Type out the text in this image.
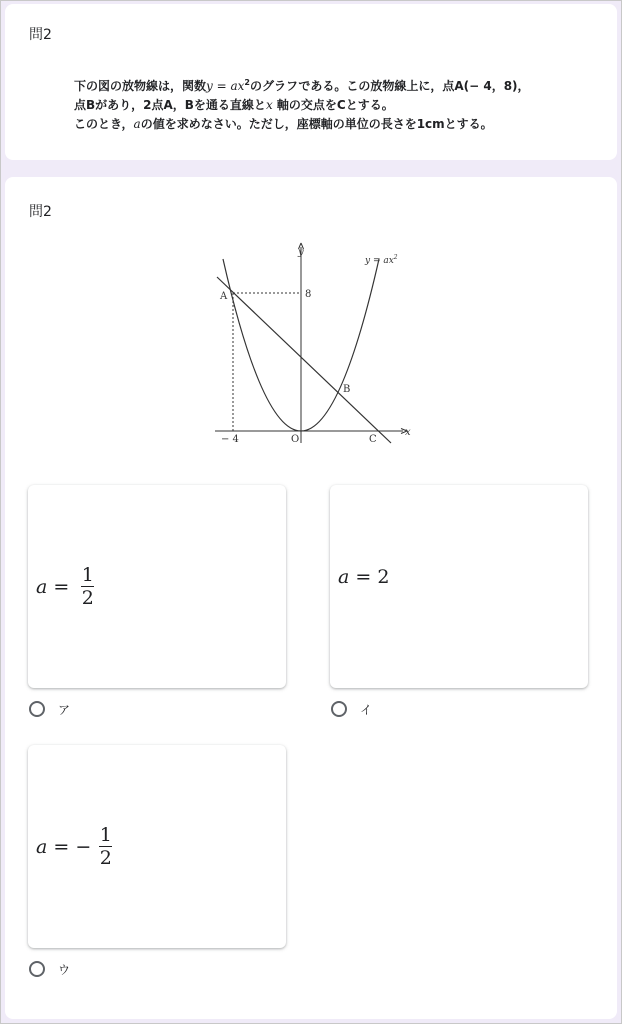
問2
下の図の放物線は，関数$y = ax^2$のグラフである。この放物線上に，点A(− 4，8)，
点Bがあり，2点A，Bを通る直線とx 軸の交点をCとする。
このとき，aの値を求めなさい。ただし，座標軸の単位の長さを1cmとする。
問2
y
x
$y = ax^2$
A
B
C
O
8
− 4
$a = \frac{1}{2}$
ア
a = 2
イ
a = − $\frac{1}{2}$
ウ
